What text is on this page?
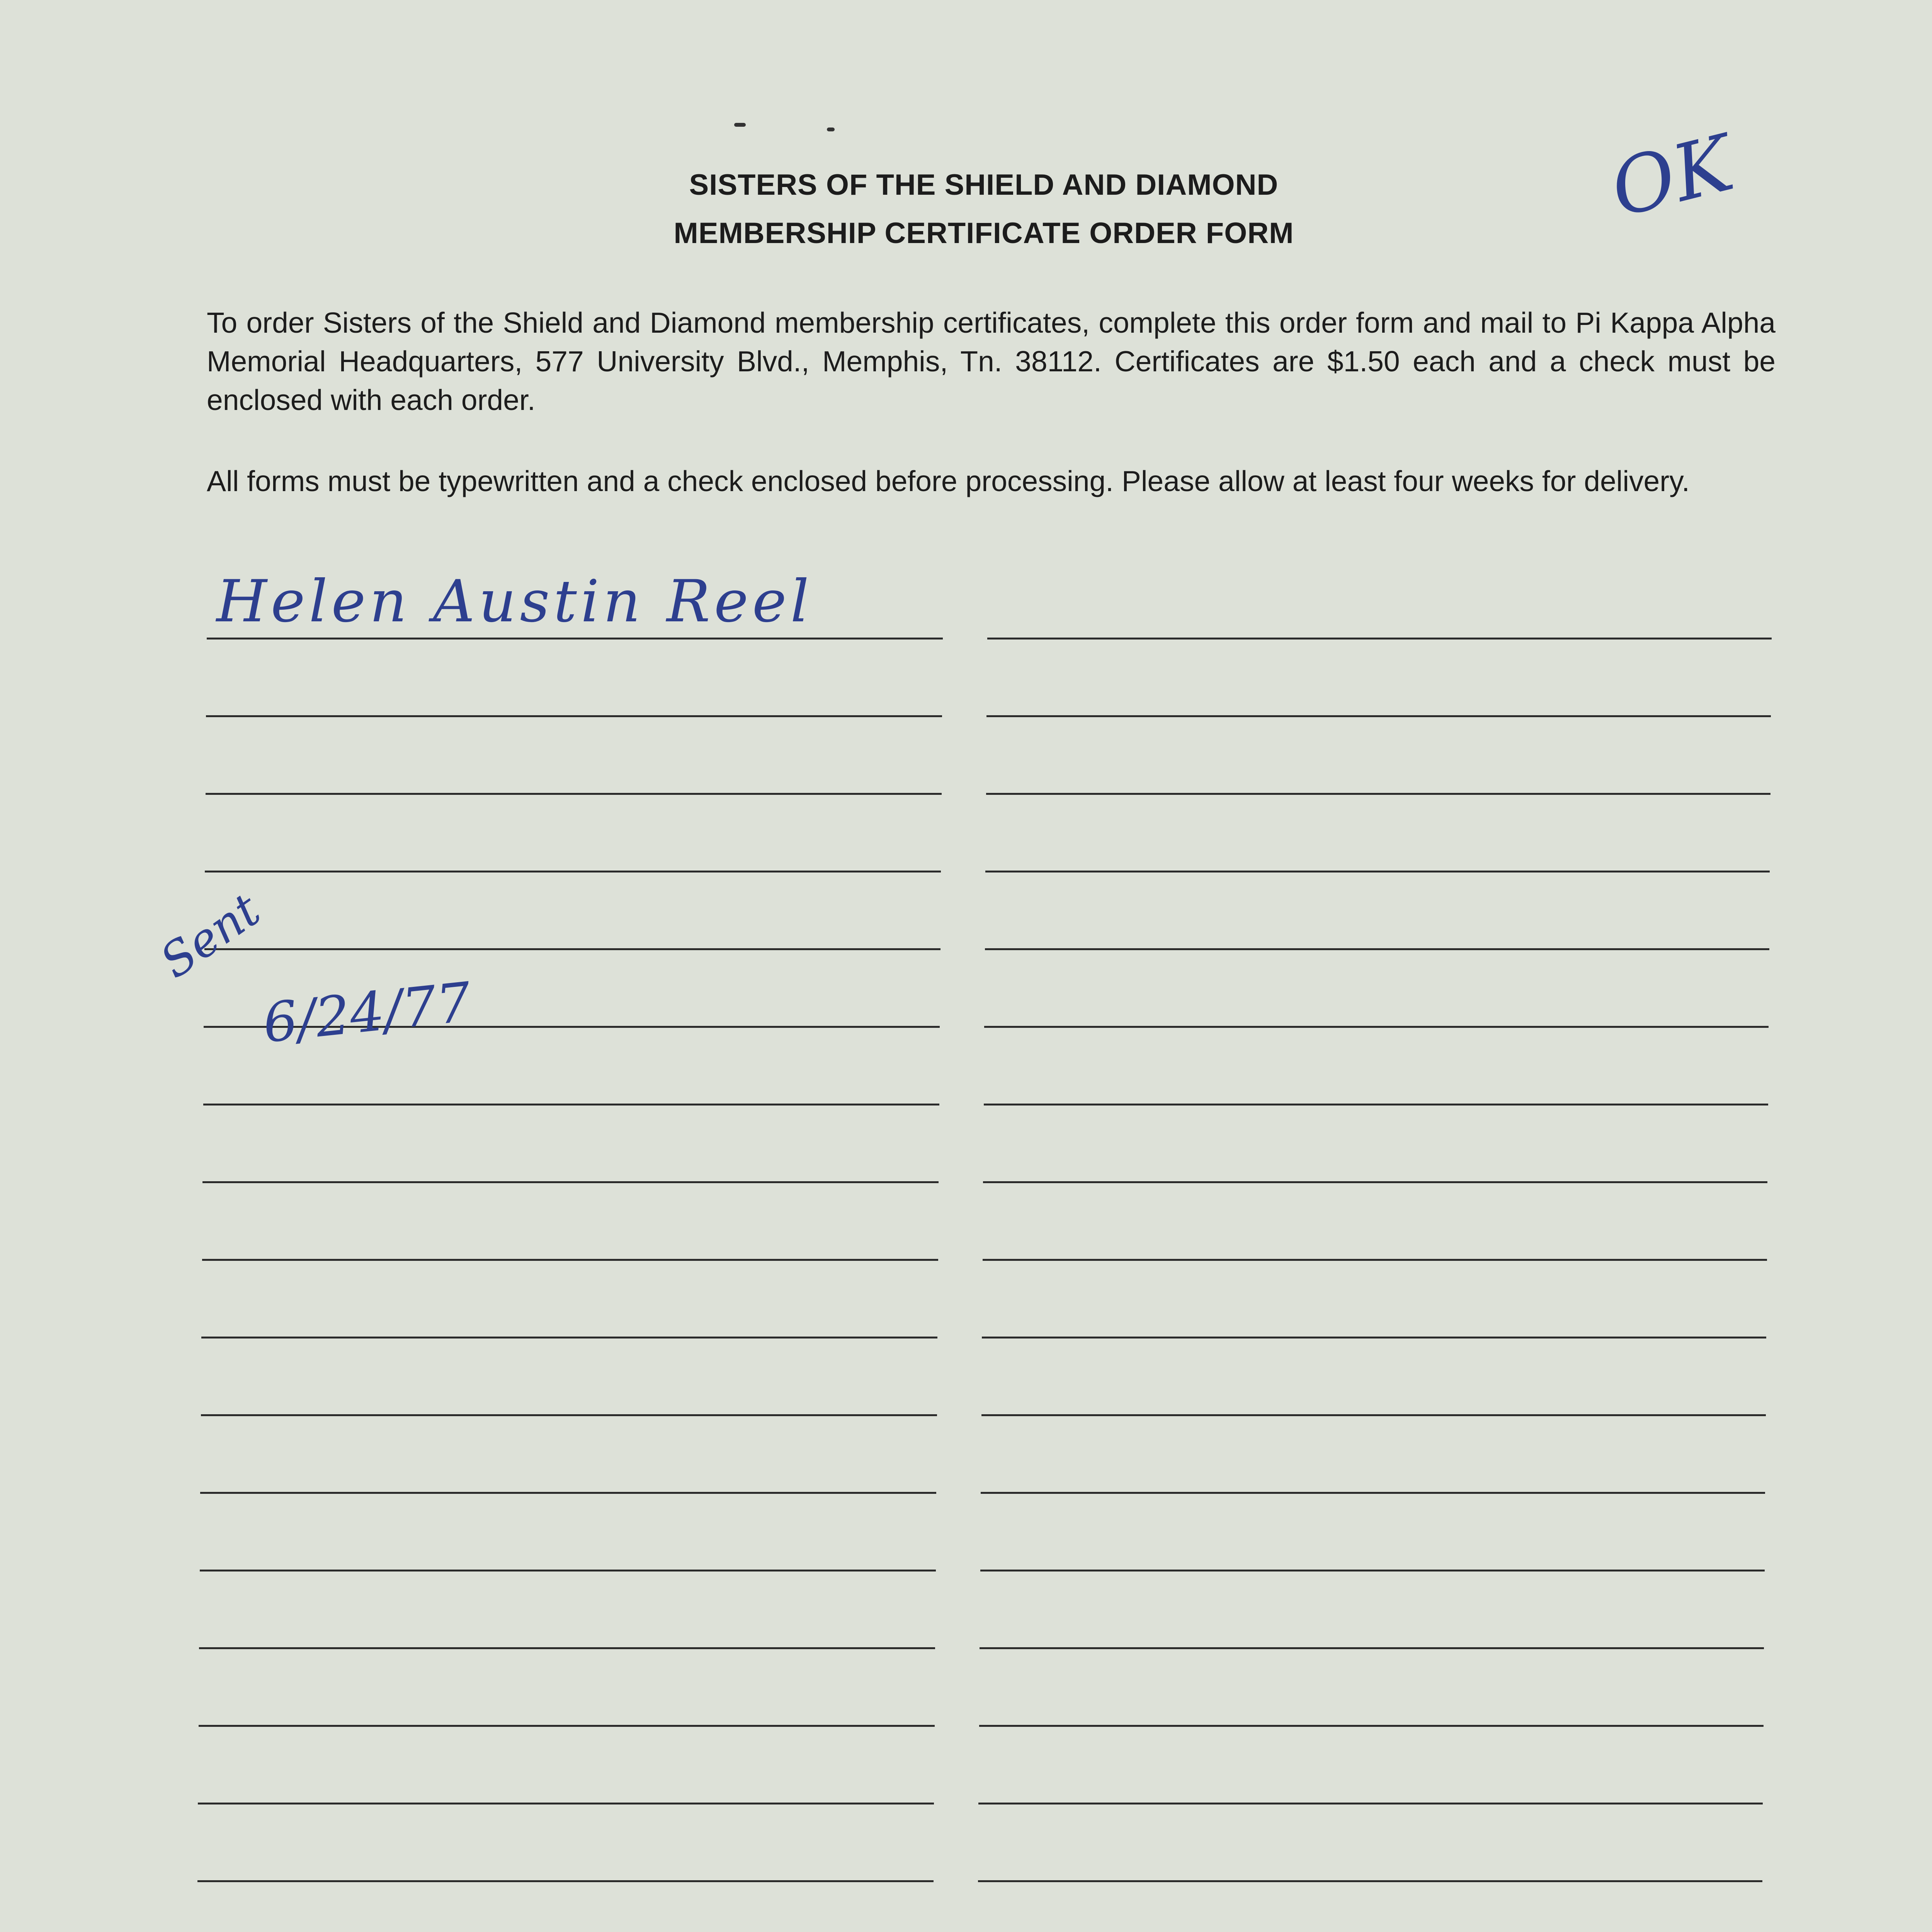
SISTERS OF THE SHIELD AND DIAMOND
MEMBERSHIP CERTIFICATE ORDER FORM	OK
To order Sisters of the Shield and Diamond membership certificates, complete this order form and mail to Pi Kappa Alpha Memorial Headquarters, 577 University Blvd., Memphis, Tn. 38112. Certificates are $1.50 each and a check must be enclosed with each order.
All forms must be typewritten and a check enclosed before processing. Please allow at least four weeks for delivery.
Helen Austin Reel
Sent
6/24/77
